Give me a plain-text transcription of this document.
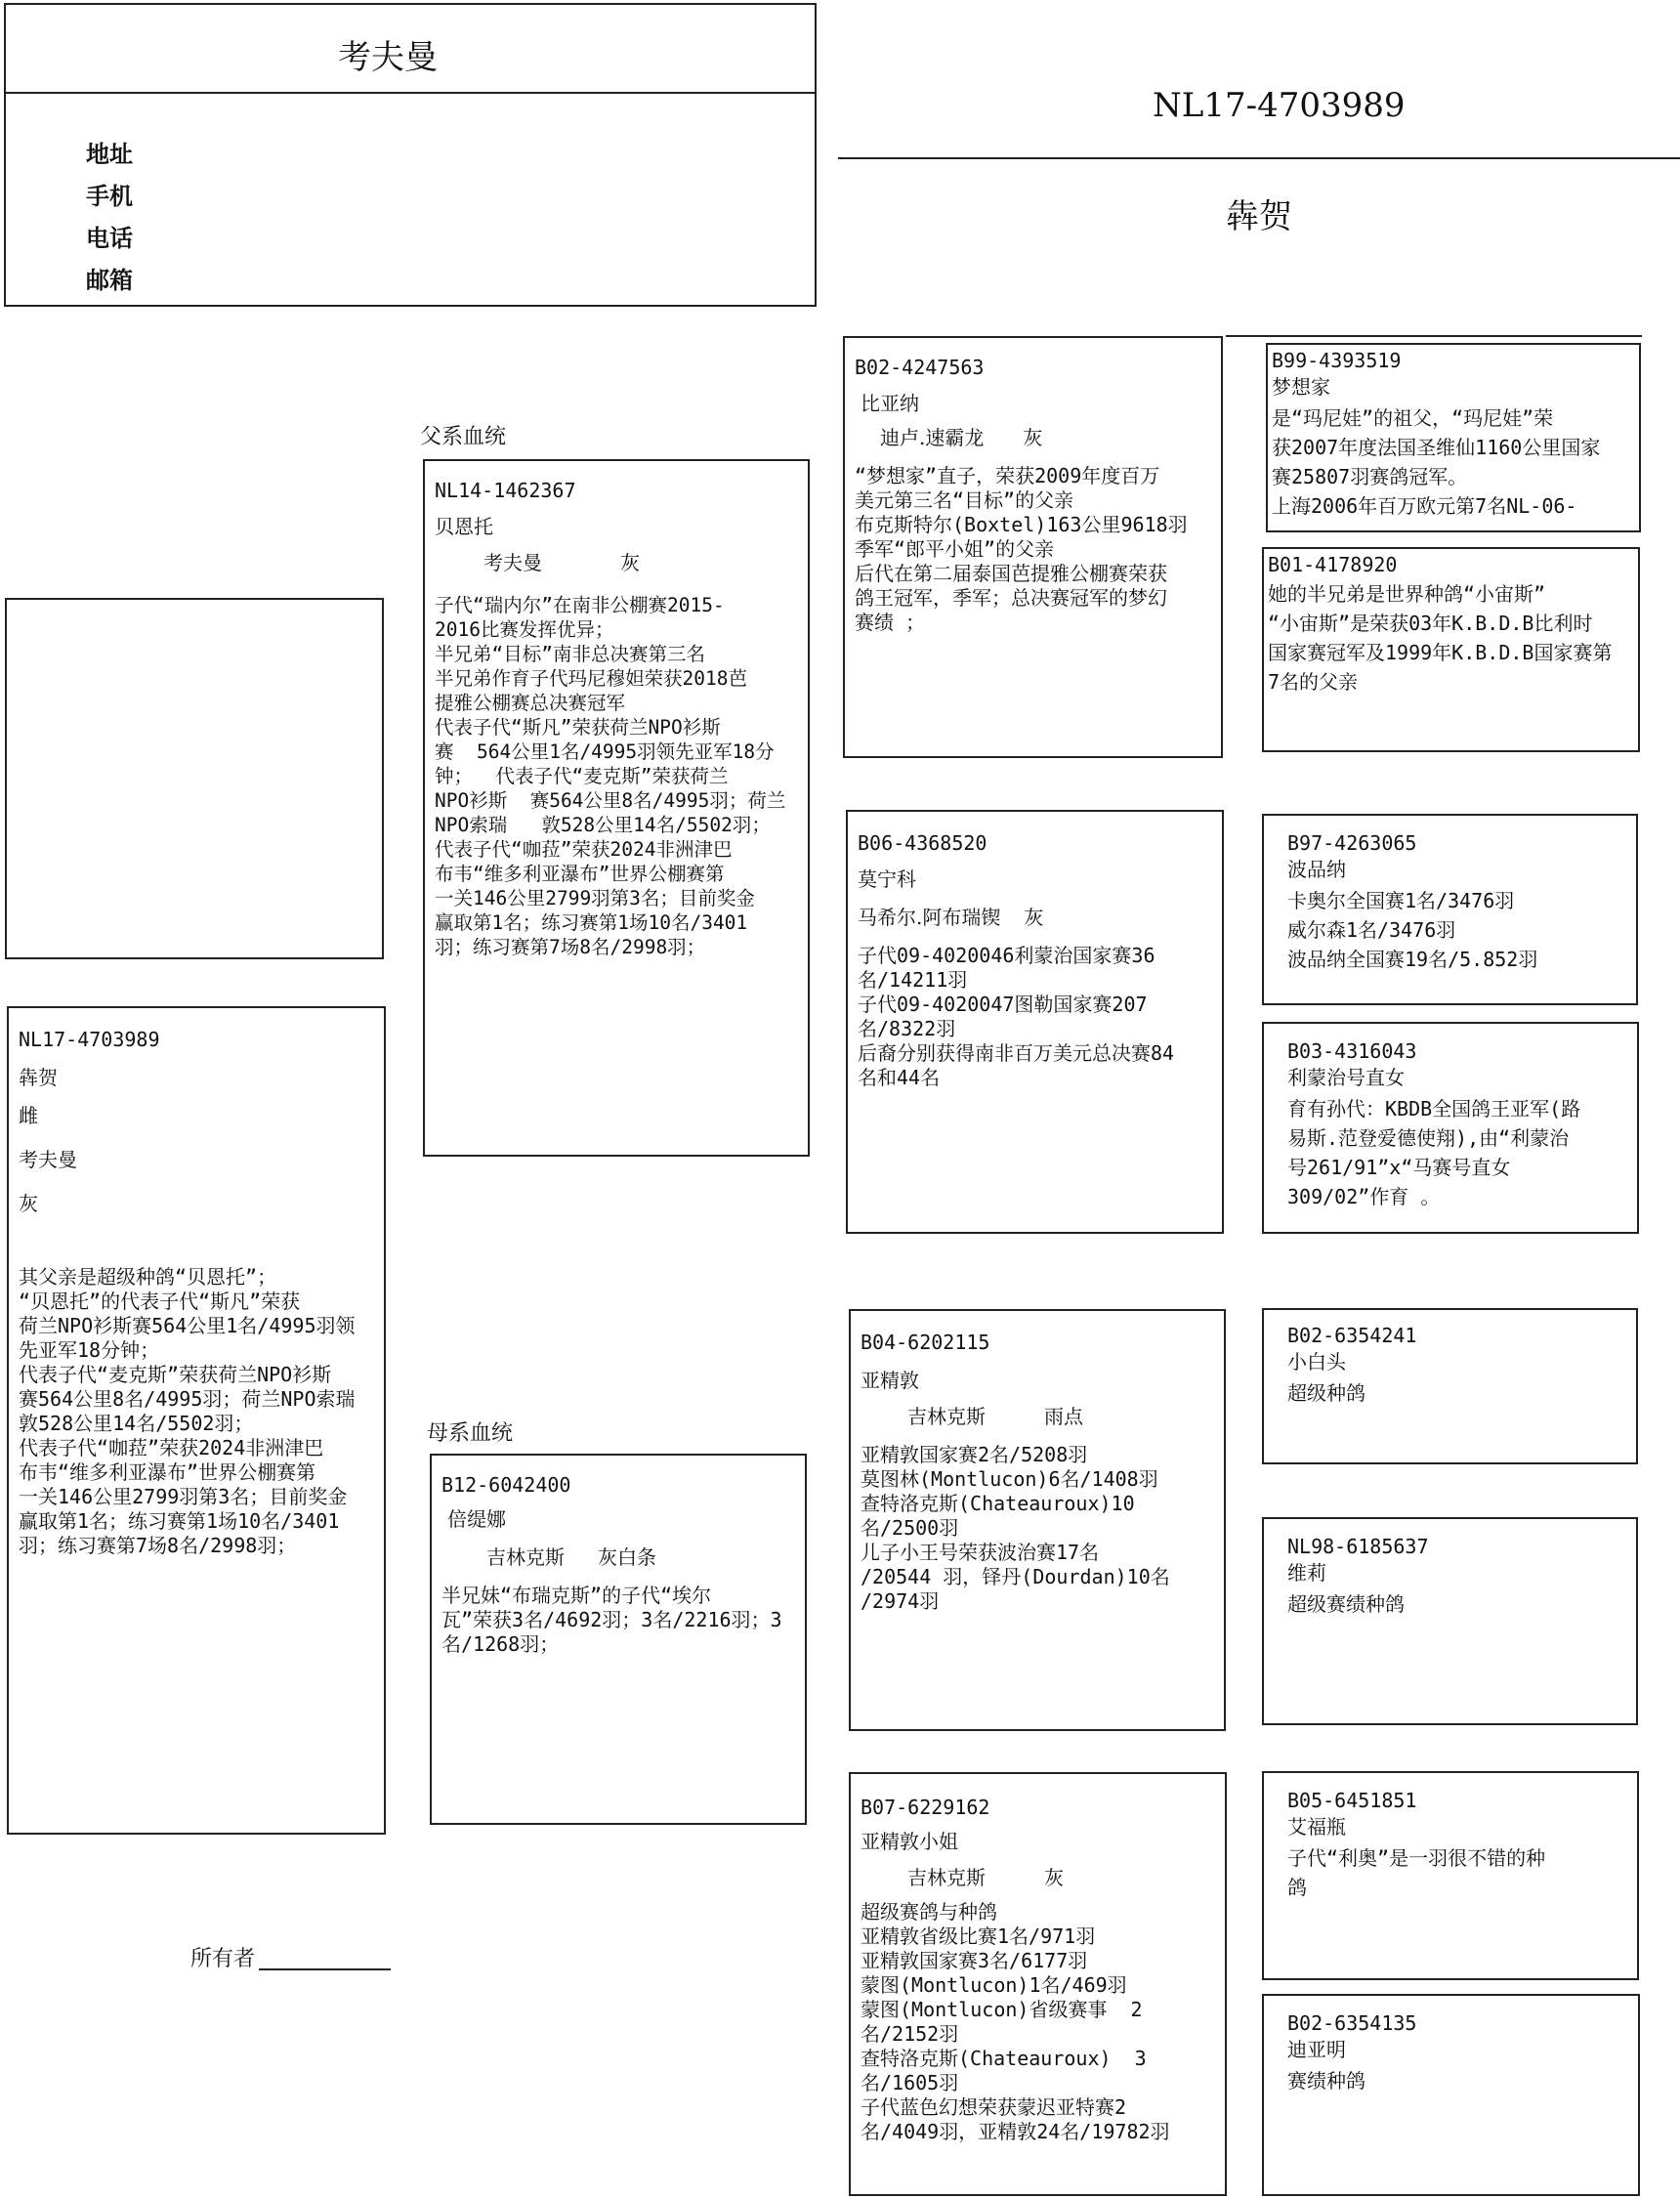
考夫曼
地址
手机
电话
邮箱
NL17-4703989
犇贺
NL17-4703989
犇贺
雌
考夫曼
灰
其父亲是超级种鸽“贝恩托”；
“贝恩托”的代表子代“斯凡”荣获
荷兰NPO衫斯赛564公里1名/4995羽领
先亚军18分钟；
代表子代“麦克斯”荣获荷兰NPO衫斯
赛564公里8名/4995羽；荷兰NPO索瑞
敦528公里14名/5502羽；
代表子代“咖菈”荣获2024非洲津巴
布韦“维多利亚瀑布”世界公棚赛第
一关146公里2799羽第3名；目前奖金
赢取第1名；练习赛第1场10名/3401
羽；练习赛第7场8名/2998羽；
所有者
父系血统
母系血统
NL14-1462367
贝恩托
考夫曼	灰
子代“瑞内尔”在南非公棚赛2015-
2016比赛发挥优异；
半兄弟“目标”南非总决赛第三名
半兄弟作育子代玛尼穆妲荣获2018芭
提雅公棚赛总决赛冠军
代表子代“斯凡”荣获荷兰NPO衫斯
赛  564公里1名/4995羽领先亚军18分
钟；  代表子代“麦克斯”荣获荷兰
NPO衫斯  赛564公里8名/4995羽；荷兰
NPO索瑞   敦528公里14名/5502羽；
代表子代“咖菈”荣获2024非洲津巴
布韦“维多利亚瀑布”世界公棚赛第
一关146公里2799羽第3名；目前奖金
赢取第1名；练习赛第1场10名/3401
羽；练习赛第7场8名/2998羽；
B12-6042400
倍缇娜
吉林克斯 灰白条
半兄妹“布瑞克斯”的子代“埃尔
瓦”荣获3名/4692羽；3名/2216羽；3
名/1268羽；
B02-4247563
比亚纳
迪卢.速霸龙 灰
“梦想家”直子，荣获2009年度百万
美元第三名“目标”的父亲
布克斯特尔(Boxtel)163公里9618羽
季军“郎平小姐”的父亲
后代在第二届泰国芭提雅公棚赛荣获
鸽王冠军，季军；总决赛冠军的梦幻
赛绩 ；
B06-4368520
莫宁科
马希尔.阿布瑞锲 灰
子代09-4020046利蒙治国家赛36
名/14211羽
子代09-4020047图勒国家赛207
名/8322羽
后裔分别获得南非百万美元总决赛84
名和44名
B04-6202115
亚精敦
吉林克斯	雨点
亚精敦国家赛2名/5208羽
莫图林(Montlucon)6名/1408羽
查特洛克斯(Chateauroux)10
名/2500羽
儿子小王号荣获波治赛17名
/20544 羽，铎丹(Dourdan)10名
/2974羽
B07-6229162
亚精敦小姐
吉林克斯	灰
超级赛鸽与种鸽
亚精敦省级比赛1名/971羽
亚精敦国家赛3名/6177羽
蒙图(Montlucon)1名/469羽
蒙图(Montlucon)省级赛事  2
名/2152羽
查特洛克斯(Chateauroux)  3
名/1605羽
子代蓝色幻想荣获蒙迟亚特赛2
名/4049羽，亚精敦24名/19782羽
B99-4393519
梦想家
是“玛尼娃”的祖父，“玛尼娃”荣
获2007年度法国圣维仙1160公里国家
赛25807羽赛鸽冠军。
上海2006年百万欧元第7名NL-06-
B01-4178920
她的半兄弟是世界种鸽“小宙斯”
“小宙斯”是荣获03年K.B.D.B比利时
国家赛冠军及1999年K.B.D.B国家赛第
7名的父亲
B97-4263065
波品纳
卡奥尔全国赛1名/3476羽
威尔森1名/3476羽
波品纳全国赛19名/5.852羽
B03-4316043
利蒙治号直女
育有孙代：KBDB全国鸽王亚军(路
易斯.范登爱德使翔),由“利蒙治
号261/91”x“马赛号直女
309/02”作育 。
B02-6354241
小白头
超级种鸽
NL98-6185637
维莉
超级赛绩种鸽
B05-6451851
艾福瓶
子代“利奥”是一羽很不错的种
鸽
B02-6354135
迪亚明
赛绩种鸽
